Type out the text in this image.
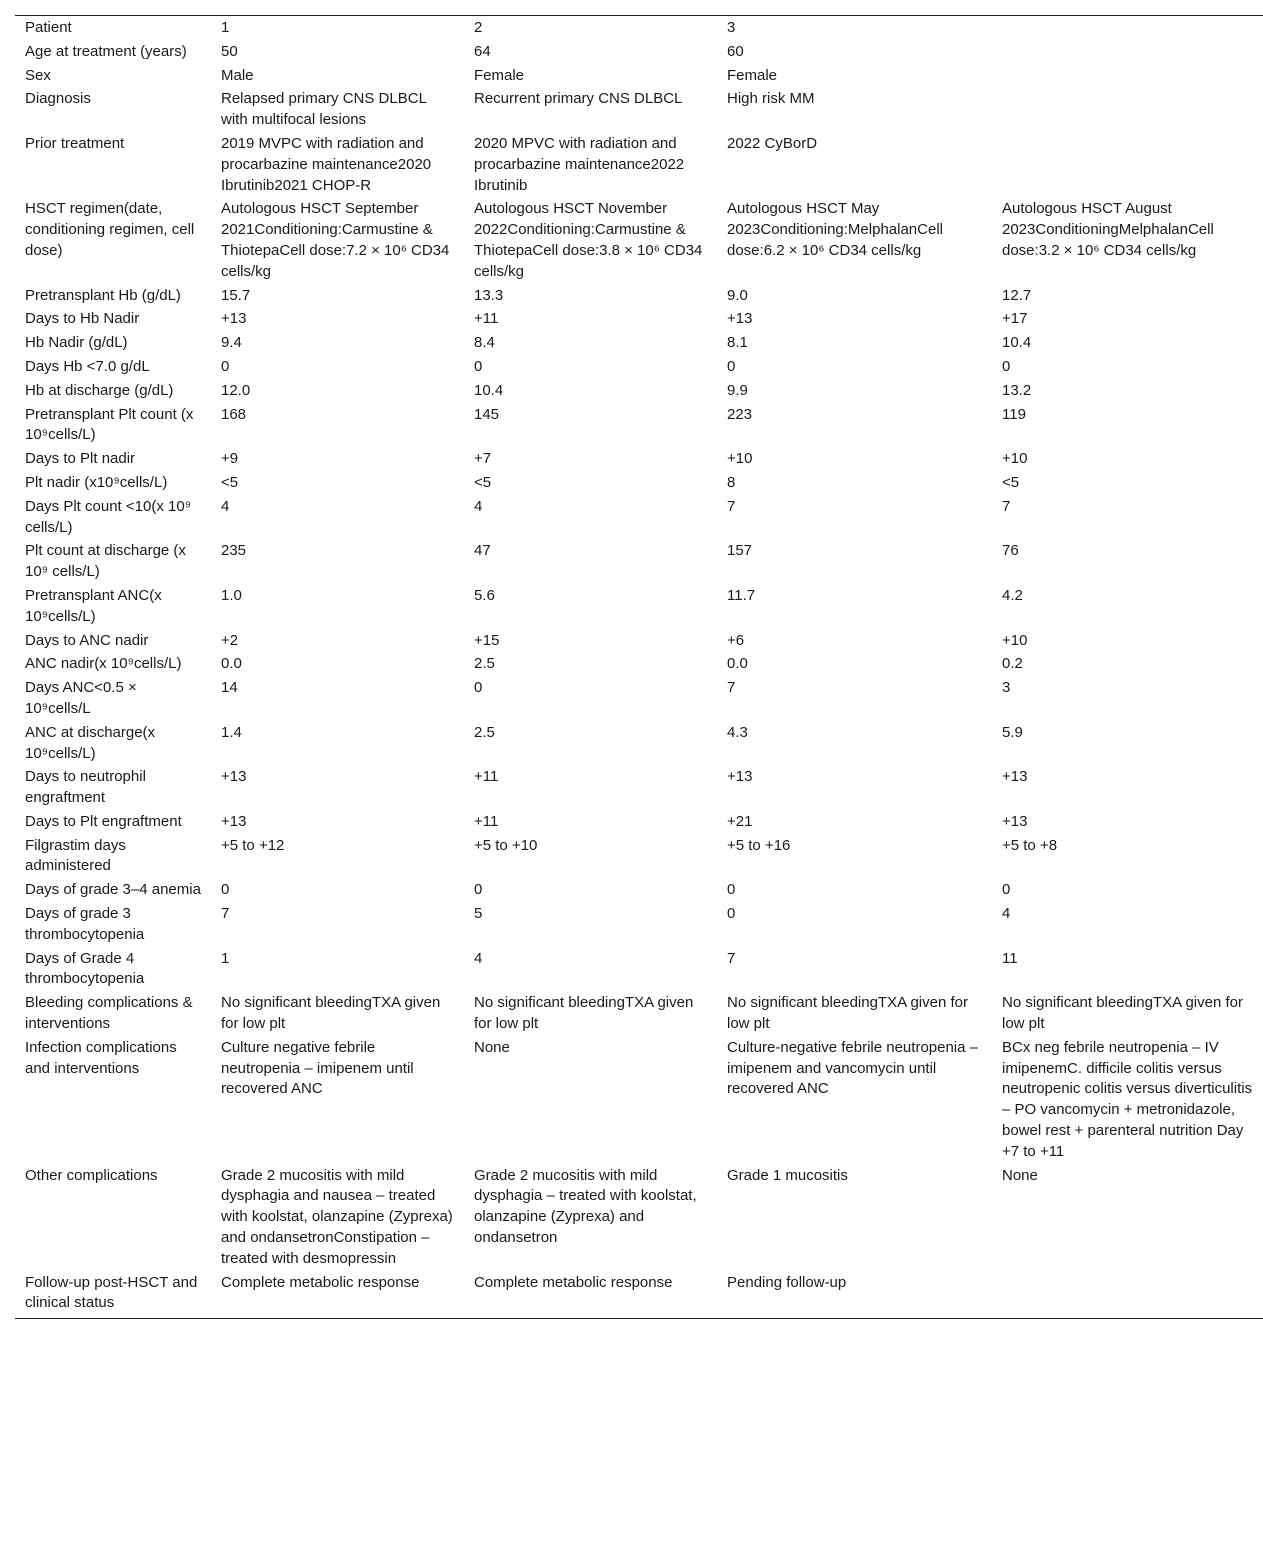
Patient	1	2	3	
Age at treatment (years)	50	64	60	
Sex	Male	Female	Female	
Diagnosis	Relapsed primary CNS DLBCL with multifocal lesions	Recurrent primary CNS DLBCL	High risk MM	
Prior treatment	2019 MVPC with radiation and procarbazine maintenance2020 Ibrutinib2021 CHOP-R	2020 MPVC with radiation and procarbazine maintenance2022 Ibrutinib	2022 CyBorD	
HSCT regimen(date, conditioning regimen, cell dose)	Autologous HSCT September 2021Conditioning:Carmustine & ThiotepaCell dose:7.2 × 10⁶ CD34 cells/kg	Autologous HSCT November 2022Conditioning:Carmustine & ThiotepaCell dose:3.8 × 10⁶ CD34 cells/kg	Autologous HSCT May 2023Conditioning:MelphalanCell dose:6.2 × 10⁶ CD34 cells/kg	Autologous HSCT August 2023ConditioningMelphalanCell dose:3.2 × 10⁶ CD34 cells/kg
Pretransplant Hb (g/dL)	15.7	13.3	9.0	12.7
Days to Hb Nadir	+13	+11	+13	+17
Hb Nadir (g/dL)	9.4	8.4	8.1	10.4
Days Hb <7.0 g/dL	0	0	0	0
Hb at discharge (g/dL)	12.0	10.4	9.9	13.2
Pretransplant Plt count (x 10⁹cells/L)	168	145	223	119
Days to Plt nadir	+9	+7	+10	+10
Plt nadir (x10⁹cells/L)	<5	<5	8	<5
Days Plt count <10(x 10⁹ cells/L)	4	4	7	7
Plt count at discharge (x 10⁹ cells/L)	235	47	157	76
Pretransplant ANC(x 10⁹cells/L)	1.0	5.6	11.7	4.2
Days to ANC nadir	+2	+15	+6	+10
ANC nadir(x 10⁹cells/L)	0.0	2.5	0.0	0.2
Days ANC<0.5 × 10⁹cells/L	14	0	7	3
ANC at discharge(x 10⁹cells/L)	1.4	2.5	4.3	5.9
Days to neutrophil engraftment	+13	+11	+13	+13
Days to Plt engraftment	+13	+11	+21	+13
Filgrastim days administered	+5 to +12	+5 to +10	+5 to +16	+5 to +8
Days of grade 3–4 anemia	0	0	0	0
Days of grade 3 thrombocytopenia	7	5	0	4
Days of Grade 4 thrombocytopenia	1	4	7	11
Bleeding complications & interventions	No significant bleedingTXA given for low plt	No significant bleedingTXA given for low plt	No significant bleedingTXA given for low plt	No significant bleedingTXA given for low plt
Infection complications and interventions	Culture negative febrile neutropenia – imipenem until recovered ANC	None	Culture-negative febrile neutropenia – imipenem and vancomycin until recovered ANC	BCx neg febrile neutropenia – IV imipenemC. difficile colitis versus neutropenic colitis versus diverticulitis – PO vancomycin + metronidazole, bowel rest + parenteral nutrition Day +7 to +11
Other complications	Grade 2 mucositis with mild dysphagia and nausea – treated with koolstat, olanzapine (Zyprexa) and ondansetronConstipation – treated with desmopressin	Grade 2 mucositis with mild dysphagia – treated with koolstat, olanzapine (Zyprexa) and ondansetron	Grade 1 mucositis	None
Follow-up post-HSCT and clinical status	Complete metabolic response	Complete metabolic response	Pending follow-up	
